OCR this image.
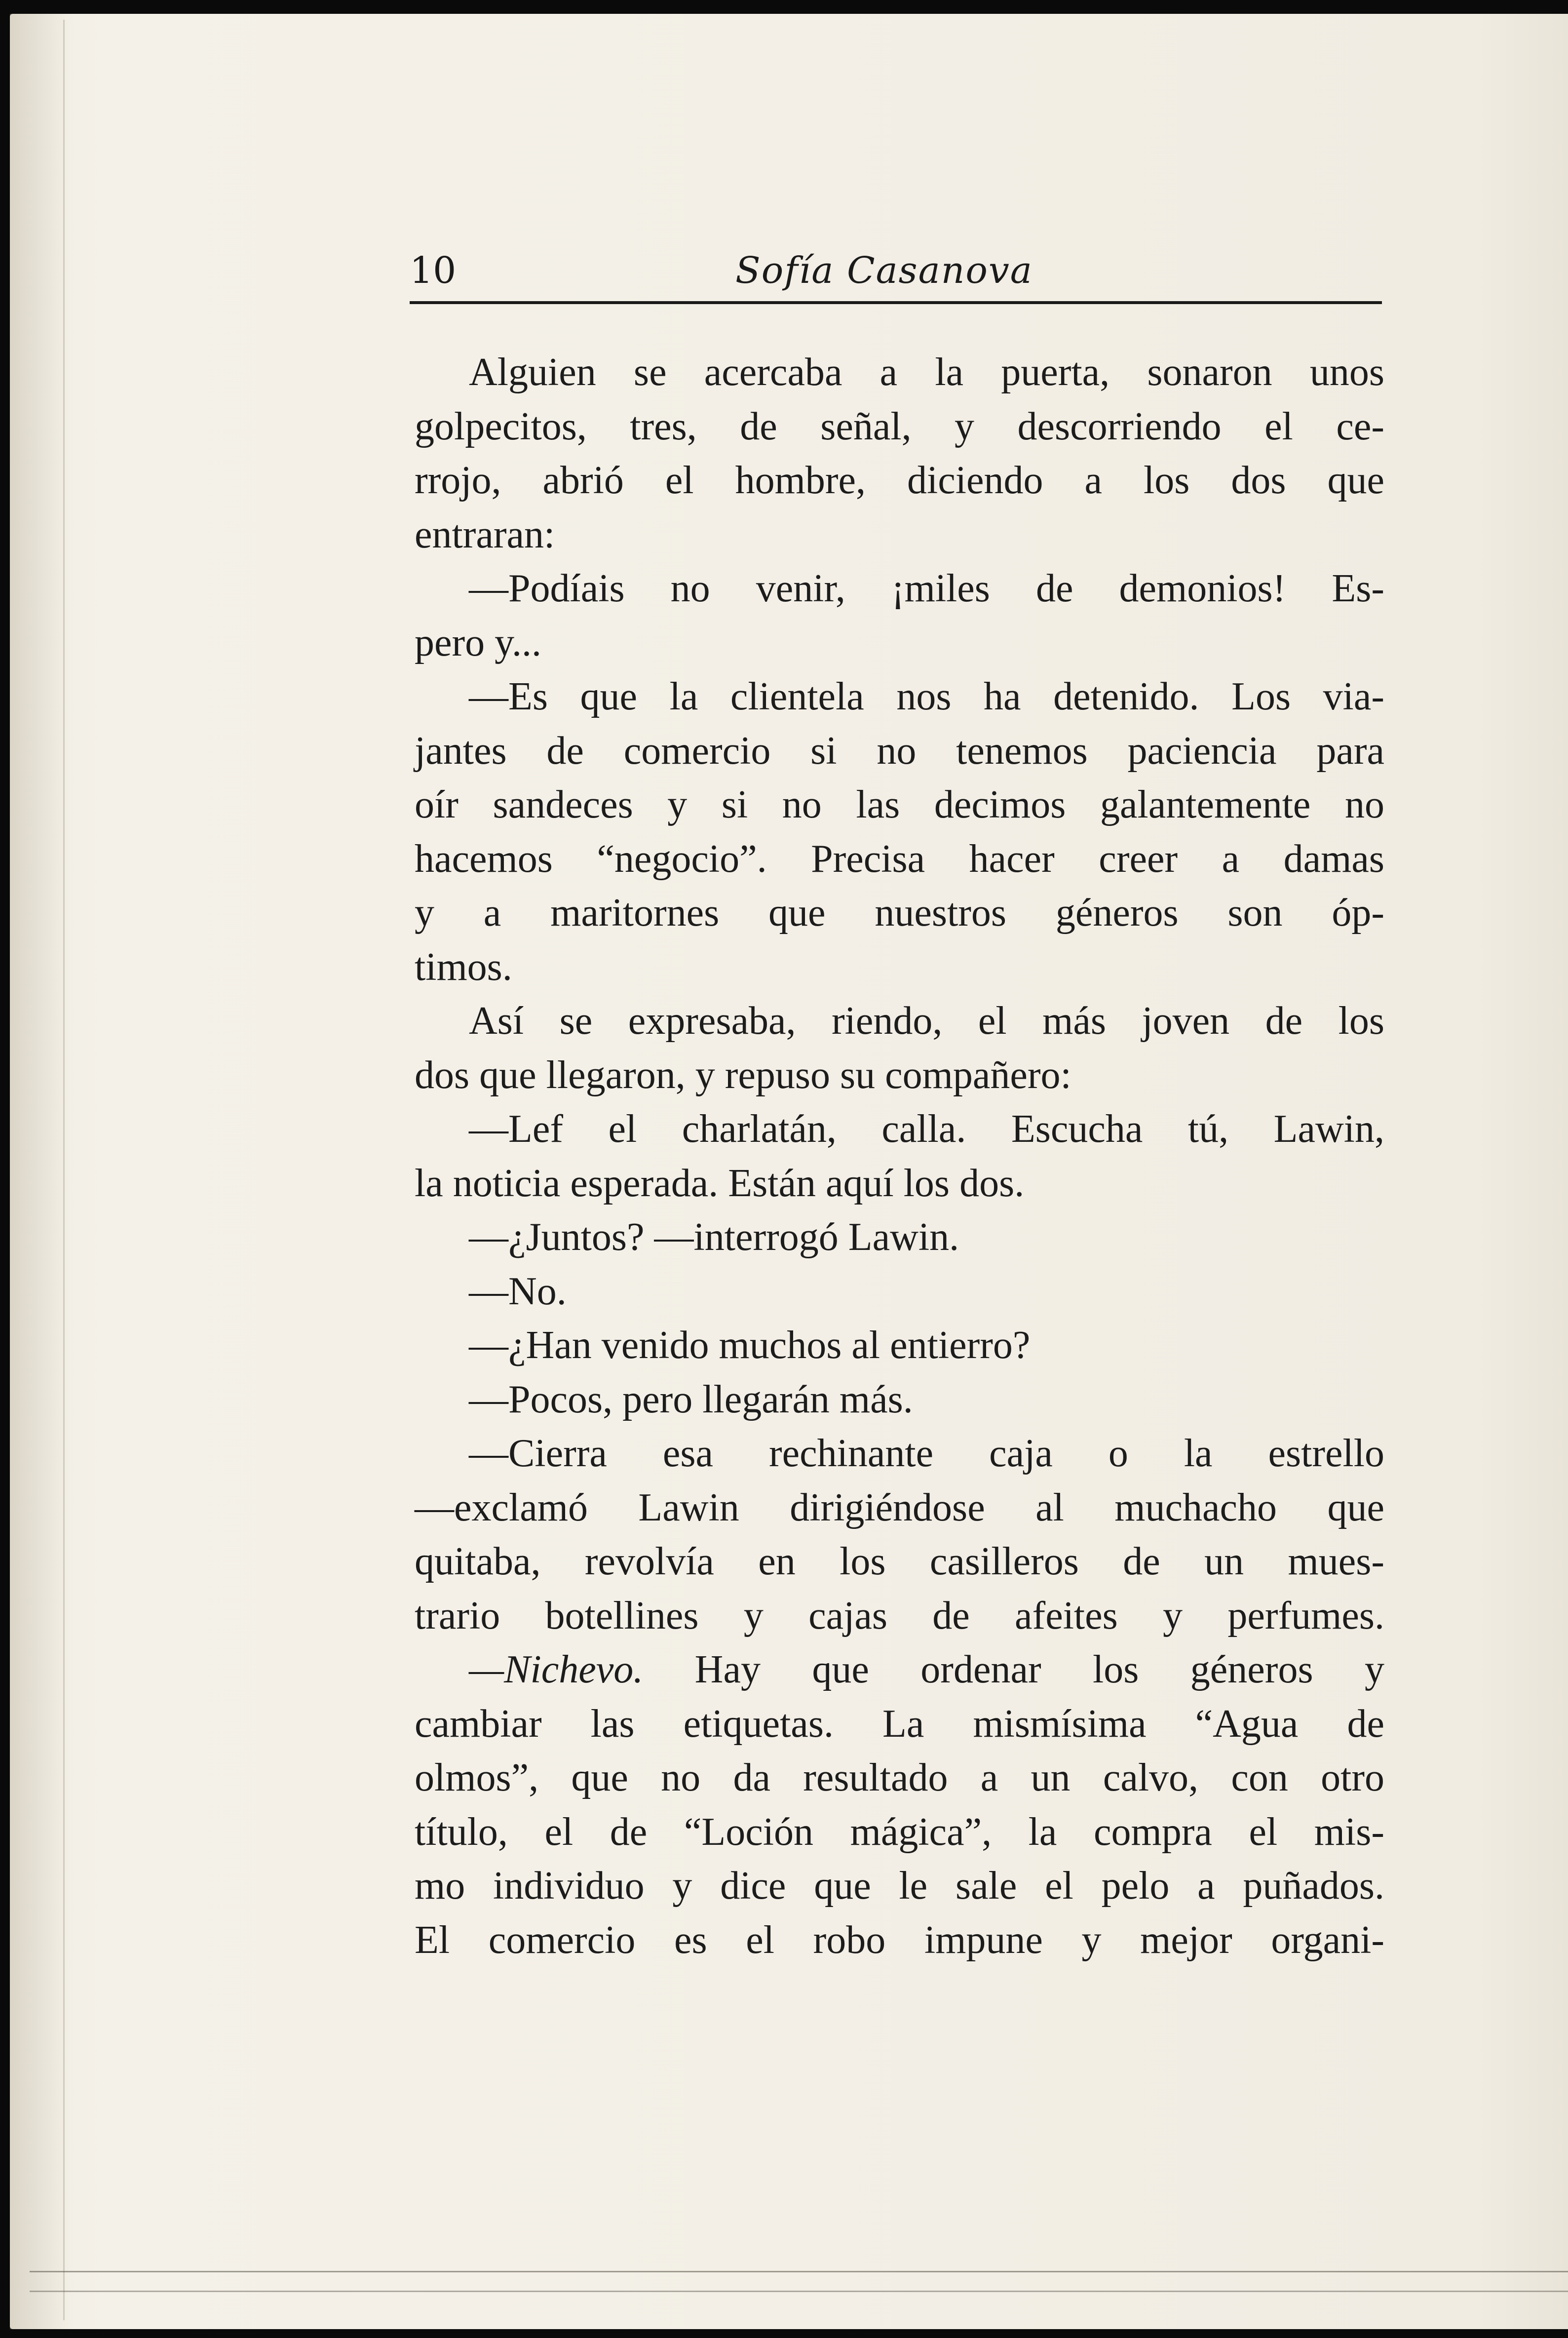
10	Sofía Casanova
Alguien se acercaba a la puerta, sonaron unos
golpecitos, tres, de señal, y descorriendo el ce-
rrojo, abrió el hombre, diciendo a los dos que
entraran:
—Podíais no venir, ¡miles de demonios! Es-
pero y...
—Es que la clientela nos ha detenido. Los via-
jantes de comercio si no tenemos paciencia para
oír sandeces y si no las decimos galantemente no
hacemos “negocio”. Precisa hacer creer a damas
y a maritornes que nuestros géneros son óp-
timos.
Así se expresaba, riendo, el más joven de los
dos que llegaron, y repuso su compañero:
—Lef el charlatán, calla. Escucha tú, Lawin,
la noticia esperada. Están aquí los dos.
—¿Juntos? —interrogó Lawin.
—No.
—¿Han venido muchos al entierro?
—Pocos, pero llegarán más.
—Cierra esa rechinante caja o la estrello
—exclamó Lawin dirigiéndose al muchacho que
quitaba, revolvía en los casilleros de un mues-
trario botellines y cajas de afeites y perfumes.
—Nichevo. Hay que ordenar los géneros y
cambiar las etiquetas. La mismísima “Agua de
olmos”, que no da resultado a un calvo, con otro
título, el de “Loción mágica”, la compra el mis-
mo individuo y dice que le sale el pelo a puñados.
El comercio es el robo impune y mejor organi-
